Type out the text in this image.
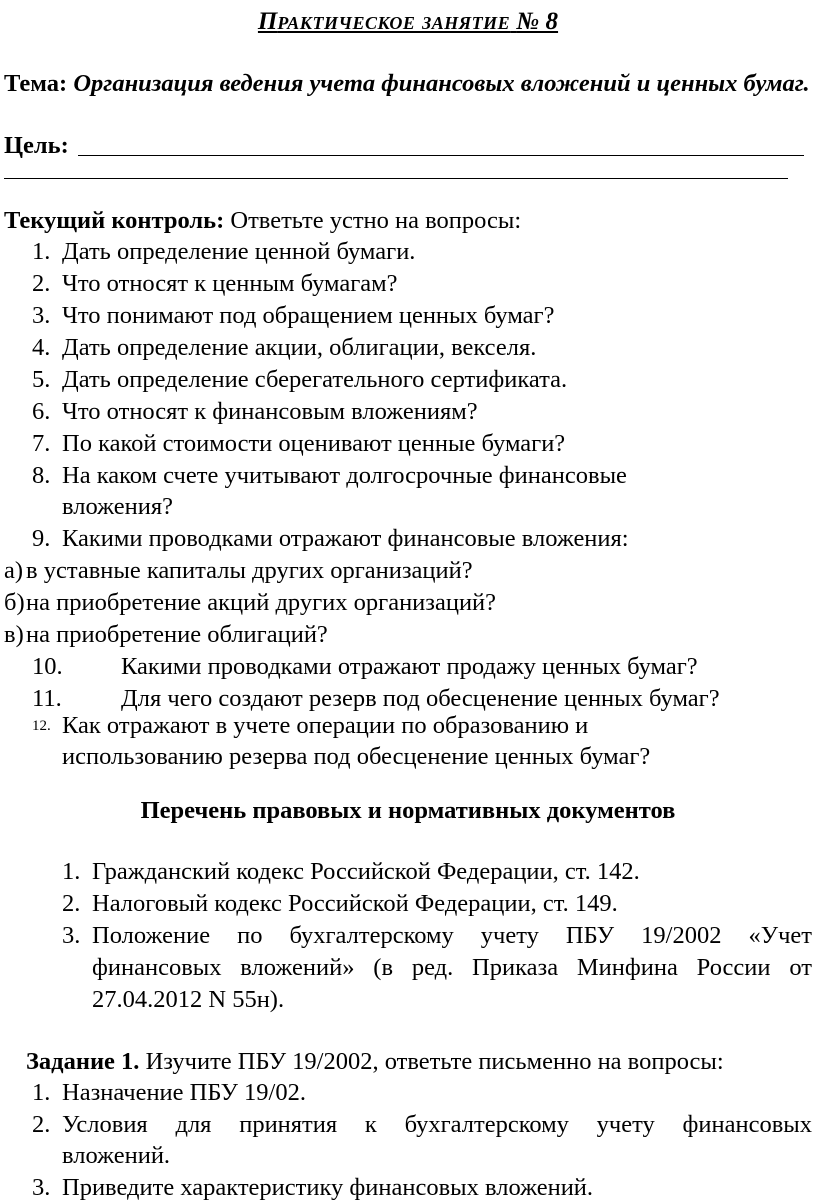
Практическое занятие № 8
Тема: Организация ведения учета финансовых вложений и ценных бумаг.
Цель:
Текущий контроль: Ответьте устно на вопросы:
1. Дать определение ценной бумаги.
2. Что относят к ценным бумагам?
3. Что понимают под обращением ценных бумаг?
4. Дать определение акции, облигации, векселя.
5. Дать определение сберегательного сертификата.
6. Что относят к финансовым вложениям?
7. По какой стоимости оценивают ценные бумаги?
8. На каком счете учитывают долгосрочные финансовые
вложения?
9. Какими проводками отражают финансовые вложения:
а) в уставные капиталы других организаций?
б) на приобретение акций других организаций?
в) на приобретение облигаций?
10. Какими проводками отражают продажу ценных бумаг?
11. Для чего создают резерв под обесценение ценных бумаг?
12. Как отражают в учете операции по образованию и
использованию резерва под обесценение ценных бумаг?
Перечень правовых и нормативных документов
1. Гражданский кодекс Российской Федерации, ст. 142.
2. Налоговый кодекс Российской Федерации, ст. 149.
3. Положение по бухгалтерскому учету ПБУ 19/2002 «Учет
финансовых вложений» (в ред. Приказа Минфина России от
27.04.2012 N 55н).
Задание 1. Изучите ПБУ 19/2002, ответьте письменно на вопросы:
1. Назначение ПБУ 19/02.
2. Условия для принятия к бухгалтерскому учету финансовых
вложений.
3. Приведите характеристику финансовых вложений.
